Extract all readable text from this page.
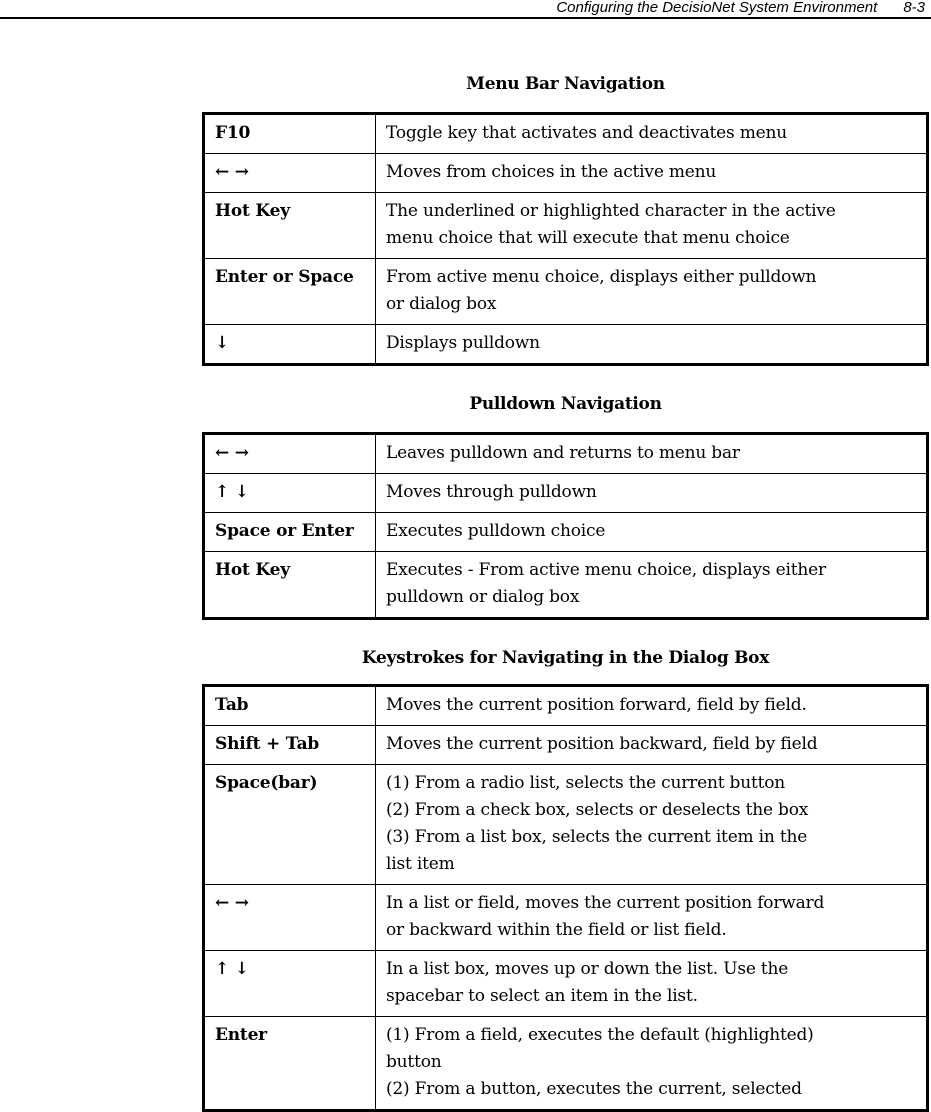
Configuring the DecisioNet System Environment 8-3
Menu Bar Navigation
F10	Toggle key that activates and deactivates menu
← →	Moves from choices in the active menu
Hot Key	The underlined or highlighted character in the active
menu choice that will execute that menu choice
Enter or Space	From active menu choice, displays either pulldown
or dialog box
↓	Displays pulldown
Pulldown Navigation
← →	Leaves pulldown and returns to menu bar
↑ ↓	Moves through pulldown
Space or Enter	Executes pulldown choice
Hot Key	Executes - From active menu choice, displays either
pulldown or dialog box
Keystrokes for Navigating in the Dialog Box
Tab	Moves the current position forward, field by field.
Shift + Tab	Moves the current position backward, field by field
Space(bar)	(1) From a radio list, selects the current button
(2) From a check box, selects or deselects the box
(3) From a list box, selects the current item in the
list item
← →	In a list or field, moves the current position forward
or backward within the field or list field.
↑ ↓	In a list box, moves up or down the list. Use the
spacebar to select an item in the list.
Enter	(1) From a field, executes the default (highlighted)
button
(2) From a button, executes the current, selected
